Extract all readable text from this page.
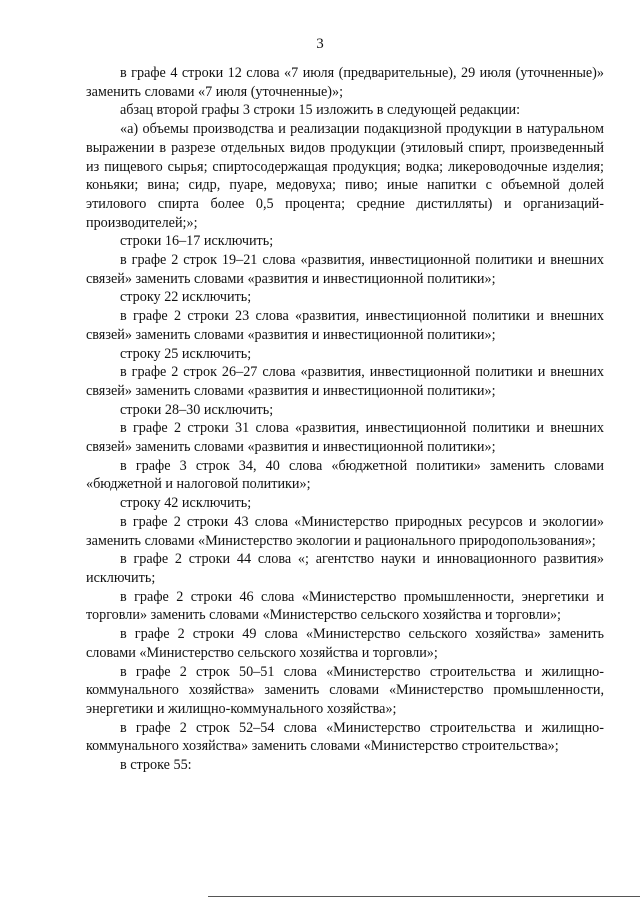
3

в графе 4 строки 12 слова «7 июля (предварительные), 29 июля (уточненные)» заменить словами «7 июля (уточненные)»;

абзац второй графы 3 строки 15 изложить в следующей редакции:

«а) объемы производства и реализации подакцизной продукции в натуральном выражении в разрезе отдельных видов продукции (этиловый спирт, произведенный из пищевого сырья; спиртосодержащая продукция; водка; ликероводочные изделия; коньяки; вина; сидр, пуаре, медовуха; пиво; иные напитки с объемной долей этилового спирта более 0,5 процента; средние дистилляты) и организаций-производителей;»;

строки 16–17 исключить;

в графе 2 строк 19–21 слова «развития, инвестиционной политики и внешних связей» заменить словами «развития и инвестиционной политики»;

строку 22 исключить;

в графе 2 строки 23 слова «развития, инвестиционной политики и внешних связей» заменить словами «развития и инвестиционной политики»;

строку 25 исключить;

в графе 2 строк 26–27 слова «развития, инвестиционной политики и внешних связей» заменить словами «развития и инвестиционной политики»;

строки 28–30 исключить;

в графе 2 строки 31 слова «развития, инвестиционной политики и внешних связей» заменить словами «развития и инвестиционной политики»;

в графе 3 строк 34, 40 слова «бюджетной политики» заменить словами «бюджетной и налоговой политики»;

строку 42 исключить;

в графе 2 строки 43 слова «Министерство природных ресурсов и экологии» заменить словами «Министерство экологии и рационального природопользования»;

в графе 2 строки 44 слова «; агентство науки и инновационного развития» исключить;

в графе 2 строки 46 слова «Министерство промышленности, энергетики и торговли» заменить словами «Министерство сельского хозяйства и торговли»;

в графе 2 строки 49 слова «Министерство сельского хозяйства» заменить словами «Министерство сельского хозяйства и торговли»;

в графе 2 строк 50–51 слова «Министерство строительства и жилищно-коммунального хозяйства» заменить словами «Министерство промышленности, энергетики и жилищно-коммунального хозяйства»;

в графе 2 строк 52–54 слова «Министерство строительства и жилищно-коммунального хозяйства» заменить словами «Министерство строительства»;

в строке 55:
